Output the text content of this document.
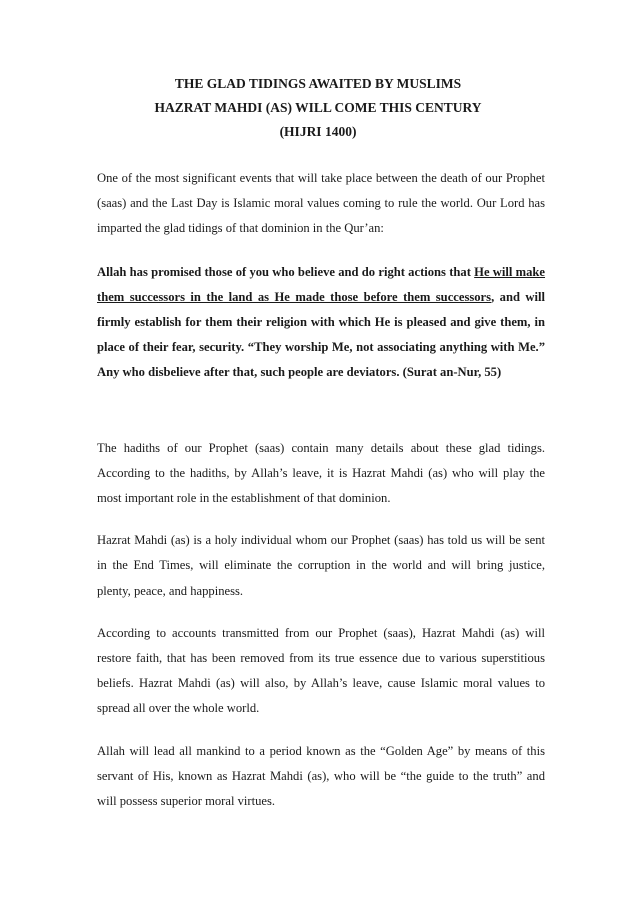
THE GLAD TIDINGS AWAITED BY MUSLIMS
HAZRAT MAHDI (AS) WILL COME THIS CENTURY
(HIJRI 1400)

One of the most significant events that will take place between the death of our Prophet (saas) and the Last Day is Islamic moral values coming to rule the world. Our Lord has imparted the glad tidings of that dominion in the Qur’an:

Allah has promised those of you who believe and do right actions that He will make them successors in the land as He made those before them successors, and will firmly establish for them their religion with which He is pleased and give them, in place of their fear, security. “They worship Me, not associating anything with Me.” Any who disbelieve after that, such people are deviators. (Surat an-Nur, 55)

The hadiths of our Prophet (saas) contain many details about these glad tidings. According to the hadiths, by Allah’s leave, it is Hazrat Mahdi (as) who will play the most important role in the establishment of that dominion.

Hazrat Mahdi (as) is a holy individual whom our Prophet (saas) has told us will be sent in the End Times, will eliminate the corruption in the world and will bring justice, plenty, peace, and happiness.

According to accounts transmitted from our Prophet (saas), Hazrat Mahdi (as) will restore faith, that has been removed from its true essence due to various superstitious beliefs. Hazrat Mahdi (as) will also, by Allah’s leave, cause Islamic moral values to spread all over the whole world.

Allah will lead all mankind to a period known as the “Golden Age” by means of this servant of His, known as Hazrat Mahdi (as), who will be “the guide to the truth” and will possess superior moral virtues.
